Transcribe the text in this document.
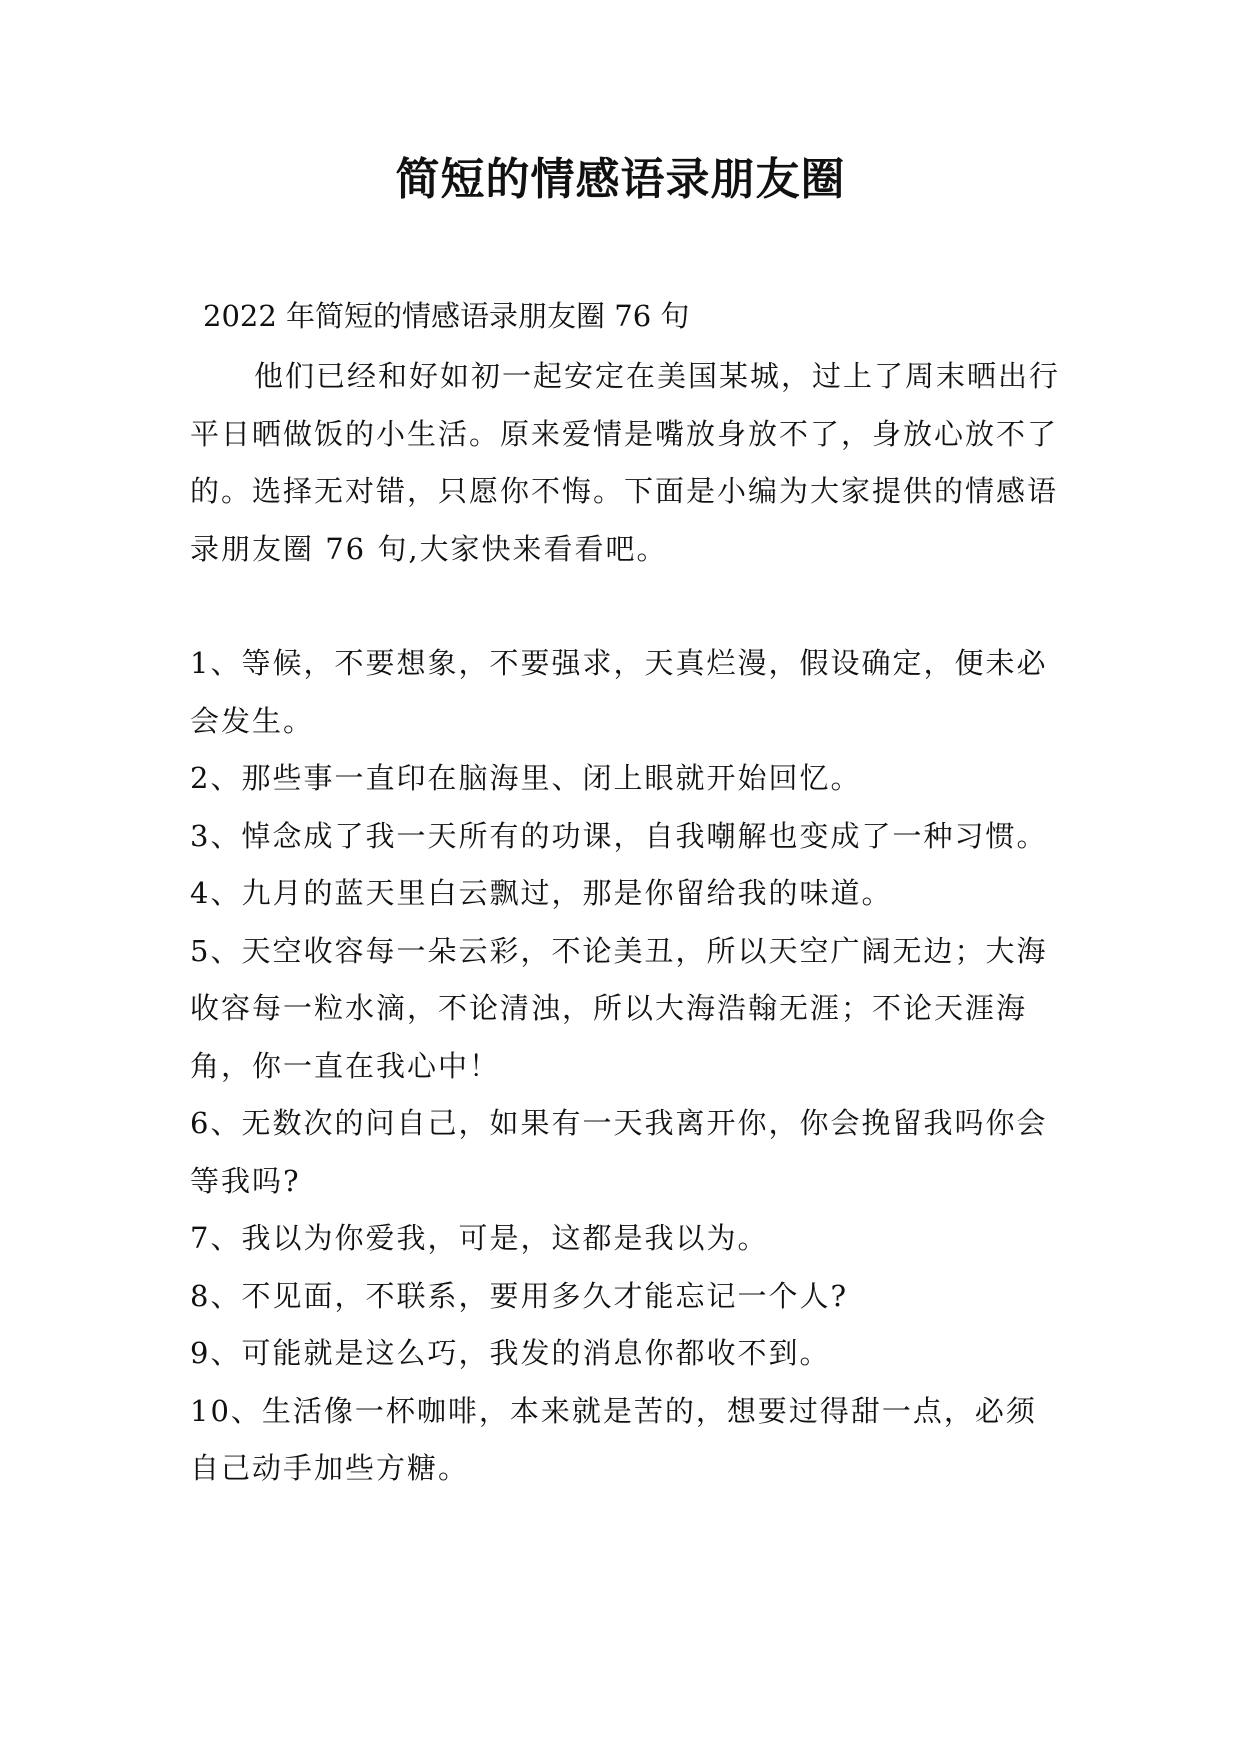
简短的情感语录朋友圈
2022 年简短的情感语录朋友圈 76 句

他们已经和好如初一起安定在美国某城，过上了周末晒出行平日晒做饭的小生活。原来爱情是嘴放身放不了，身放心放不了的。选择无对错，只愿你不悔。下面是小编为大家提供的情感语录朋友圈 76 句,大家快来看看吧。

1、等候，不要想象，不要强求，天真烂漫，假设确定，便未必会发生。
2、那些事一直印在脑海里、闭上眼就开始回忆。
3、悼念成了我一天所有的功课，自我嘲解也变成了一种习惯。
4、九月的蓝天里白云飘过，那是你留给我的味道。
5、天空收容每一朵云彩，不论美丑，所以天空广阔无边；大海收容每一粒水滴，不论清浊，所以大海浩翰无涯；不论天涯海角，你一直在我心中！
6、无数次的问自己，如果有一天我离开你，你会挽留我吗你会等我吗?
7、我以为你爱我，可是，这都是我以为。
8、不见面，不联系，要用多久才能忘记一个人?
9、可能就是这么巧，我发的消息你都收不到。
10、生活像一杯咖啡，本来就是苦的，想要过得甜一点，必须自己动手加些方糖。
